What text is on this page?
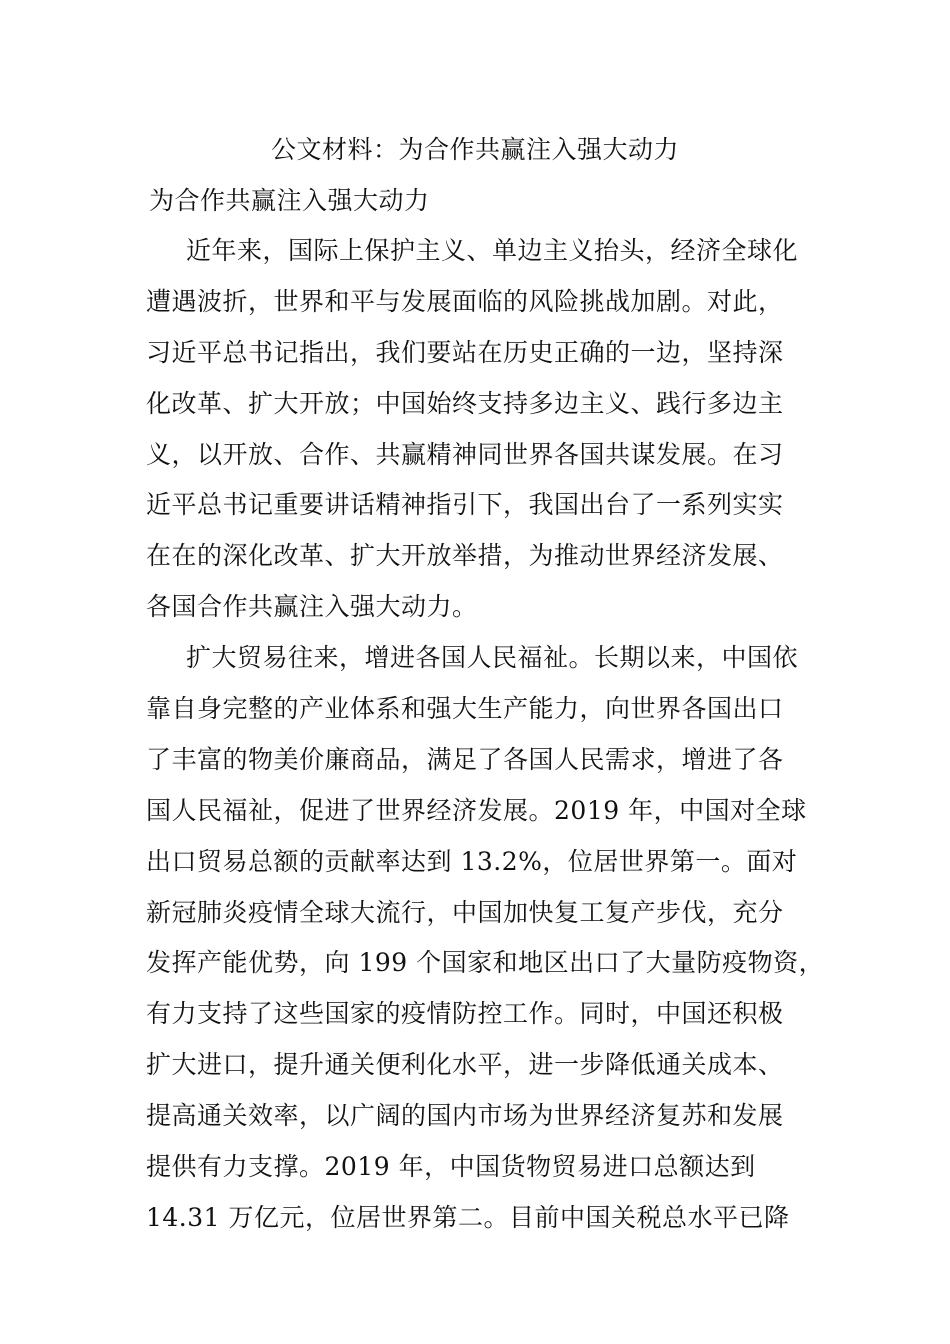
公文材料：为合作共赢注入强大动力
为合作共赢注入强大动力
近年来，国际上保护主义、单边主义抬头，经济全球化
遭遇波折，世界和平与发展面临的风险挑战加剧。对此，
习近平总书记指出，我们要站在历史正确的一边，坚持深
化改革、扩大开放；中国始终支持多边主义、践行多边主
义，以开放、合作、共赢精神同世界各国共谋发展。在习
近平总书记重要讲话精神指引下，我国出台了一系列实实
在在的深化改革、扩大开放举措，为推动世界经济发展、
各国合作共赢注入强大动力。
扩大贸易往来，增进各国人民福祉。长期以来，中国依
靠自身完整的产业体系和强大生产能力，向世界各国出口
了丰富的物美价廉商品，满足了各国人民需求，增进了各
国人民福祉，促进了世界经济发展。2019 年，中国对全球
出口贸易总额的贡献率达到 13.2%，位居世界第一。面对
新冠肺炎疫情全球大流行，中国加快复工复产步伐，充分
发挥产能优势，向 199 个国家和地区出口了大量防疫物资，
有力支持了这些国家的疫情防控工作。同时，中国还积极
扩大进口，提升通关便利化水平，进一步降低通关成本、
提高通关效率，以广阔的国内市场为世界经济复苏和发展
提供有力支撑。2019 年，中国货物贸易进口总额达到
14.31 万亿元，位居世界第二。目前中国关税总水平已降
